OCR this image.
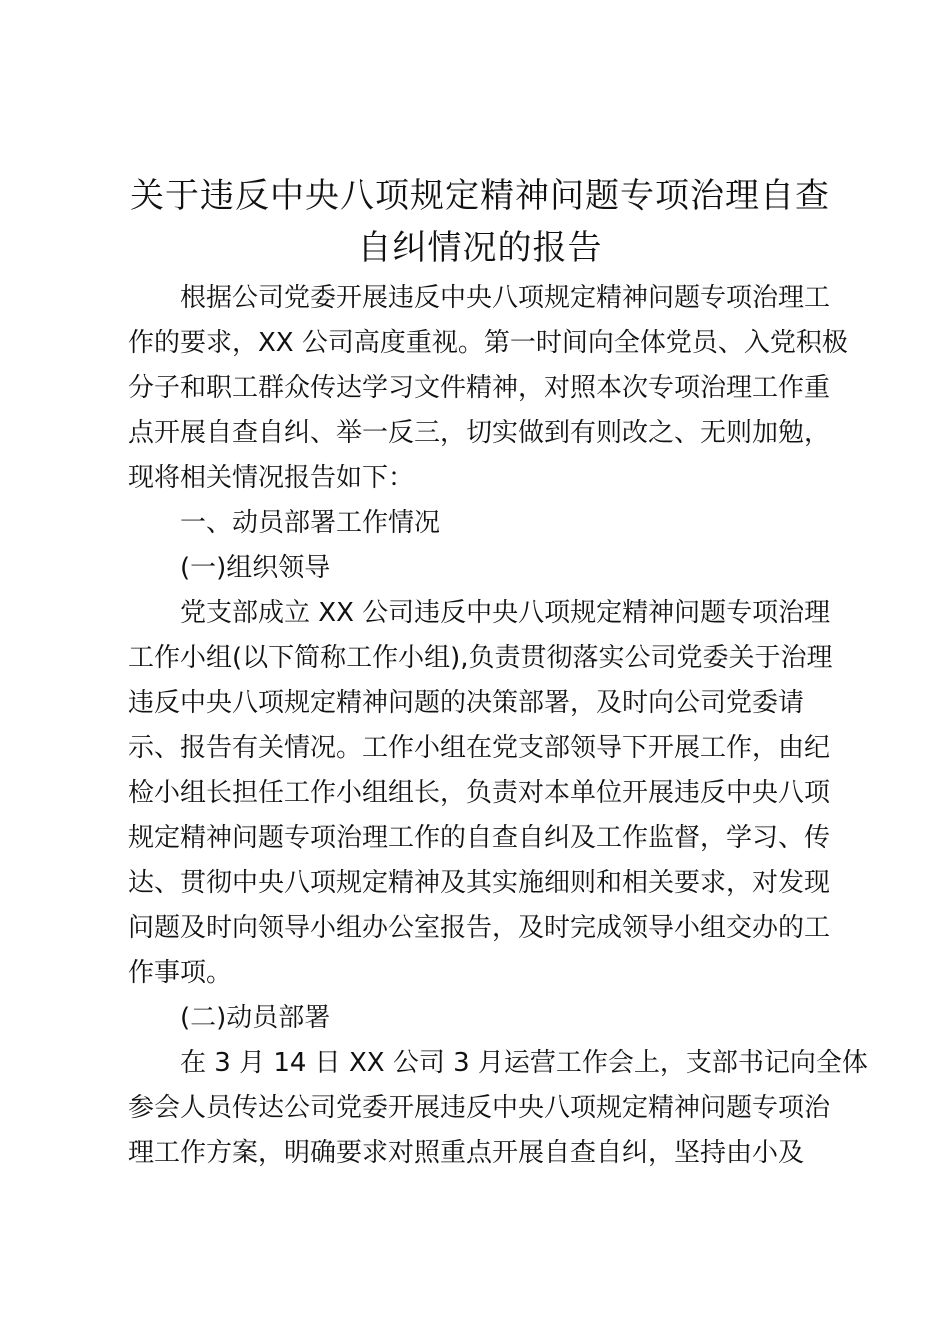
关于违反中央八项规定精神问题专项治理自查
自纠情况的报告
根据公司党委开展违反中央八项规定精神问题专项治理工
作的要求，XX 公司高度重视。第一时间向全体党员、入党积极
分子和职工群众传达学习文件精神，对照本次专项治理工作重
点开展自查自纠、举一反三，切实做到有则改之、无则加勉，
现将相关情况报告如下：
一、动员部署工作情况
(一)组织领导
党支部成立 XX 公司违反中央八项规定精神问题专项治理
工作小组(以下简称工作小组),负责贯彻落实公司党委关于治理
违反中央八项规定精神问题的决策部署，及时向公司党委请
示、报告有关情况。工作小组在党支部领导下开展工作，由纪
检小组长担任工作小组组长，负责对本单位开展违反中央八项
规定精神问题专项治理工作的自查自纠及工作监督，学习、传
达、贯彻中央八项规定精神及其实施细则和相关要求，对发现
问题及时向领导小组办公室报告，及时完成领导小组交办的工
作事项。
(二)动员部署
在 3 月 14 日 XX 公司 3 月运营工作会上，支部书记向全体
参会人员传达公司党委开展违反中央八项规定精神问题专项治
理工作方案，明确要求对照重点开展自查自纠，坚持由小及
